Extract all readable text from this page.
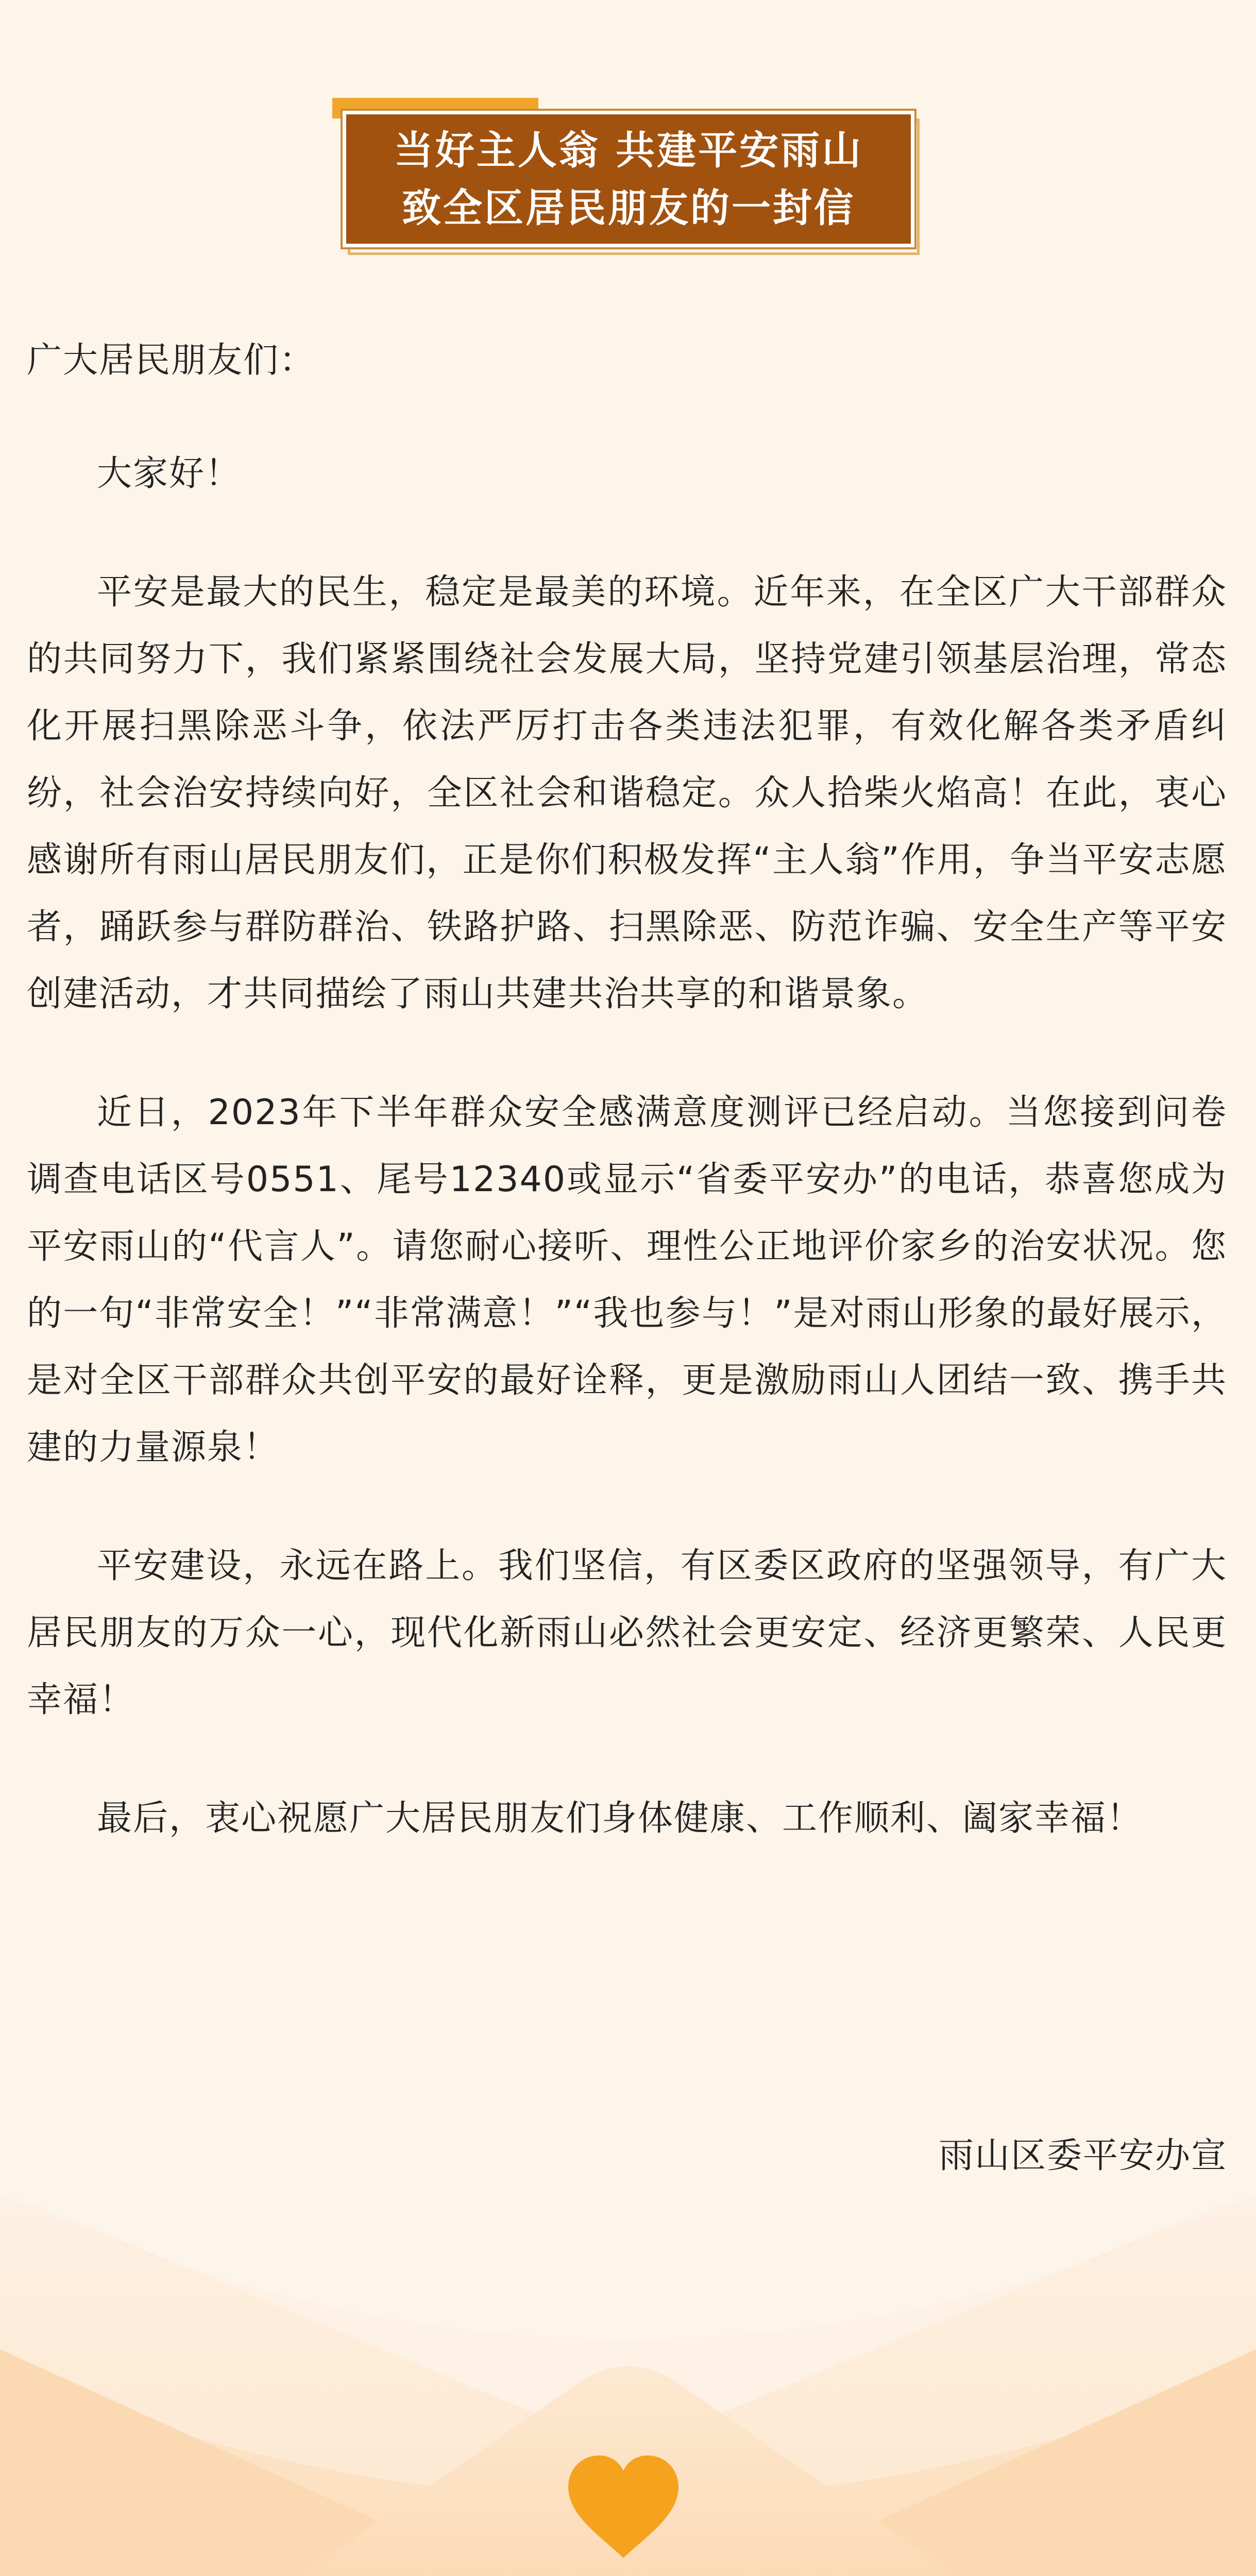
当好主人翁 共建平安雨山
致全区居民朋友的一封信
广大居民朋友们：

大家好！

平安是最大的民生，稳定是最美的环境。近年来，在全区广大干部群众的共同努力下，我们紧紧围绕社会发展大局，坚持党建引领基层治理，常态化开展扫黑除恶斗争，依法严厉打击各类违法犯罪，有效化解各类矛盾纠纷，社会治安持续向好，全区社会和谐稳定。众人拾柴火焰高！在此，衷心感谢所有雨山居民朋友们，正是你们积极发挥“主人翁”作用，争当平安志愿者，踊跃参与群防群治、铁路护路、扫黑除恶、防范诈骗、安全生产等平安创建活动，才共同描绘了雨山共建共治共享的和谐景象。

近日，2023年下半年群众安全感满意度测评已经启动。当您接到问卷调查电话区号0551、尾号12340或显示“省委平安办”的电话，恭喜您成为平安雨山的“代言人”。请您耐心接听、理性公正地评价家乡的治安状况。您的一句“非常安全！”“非常满意！”“我也参与！”是对雨山形象的最好展示，是对全区干部群众共创平安的最好诠释，更是激励雨山人团结一致、携手共建的力量源泉！

平安建设，永远在路上。我们坚信，有区委区政府的坚强领导，有广大居民朋友的万众一心，现代化新雨山必然社会更安定、经济更繁荣、人民更幸福！

最后，衷心祝愿广大居民朋友们身体健康、工作顺利、阖家幸福！

雨山区委平安办宣
